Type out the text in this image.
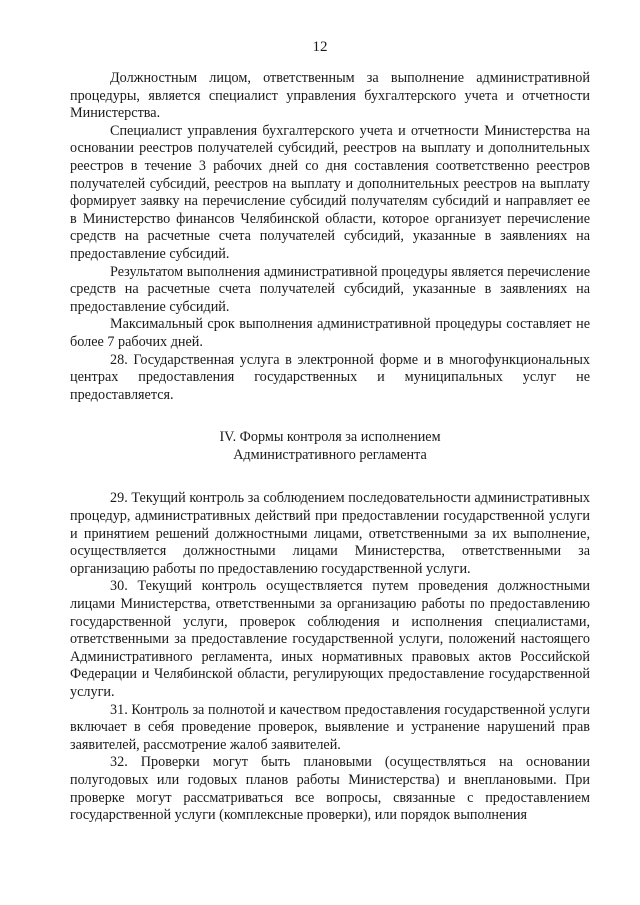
12

Должностным лицом, ответственным за выполнение административной процедуры, является специалист управления бухгалтерского учета и отчетности Министерства.

Специалист управления бухгалтерского учета и отчетности Министерства на основании реестров получателей субсидий, реестров на выплату и дополнительных реестров в течение 3 рабочих дней со дня составления соответственно реестров получателей субсидий, реестров на выплату и дополнительных реестров на выплату формирует заявку на перечисление субсидий получателям субсидий и направляет ее в Министерство финансов Челябинской области, которое организует перечисление средств на расчетные счета получателей субсидий, указанные в заявлениях на предоставление субсидий.

Результатом выполнения административной процедуры является перечисление средств на расчетные счета получателей субсидий, указанные в заявлениях на предоставление субсидий.

Максимальный срок выполнения административной процедуры составляет не более 7 рабочих дней.

28. Государственная услуга в электронной форме и в многофункциональных центрах предоставления государственных и муниципальных услуг не предоставляется.

IV. Формы контроля за исполнением
Административного регламента

29. Текущий контроль за соблюдением последовательности административных процедур, административных действий при предоставлении государственной услуги и принятием решений должностными лицами, ответственными за их выполнение, осуществляется должностными лицами Министерства, ответственными за организацию работы по предоставлению государственной услуги.

30. Текущий контроль осуществляется путем проведения должностными лицами Министерства, ответственными за организацию работы по предоставлению государственной услуги, проверок соблюдения и исполнения специалистами, ответственными за предоставление государственной услуги, положений настоящего Административного регламента, иных нормативных правовых актов Российской Федерации и Челябинской области, регулирующих предоставление государственной услуги.

31. Контроль за полнотой и качеством предоставления государственной услуги включает в себя проведение проверок, выявление и устранение нарушений прав заявителей, рассмотрение жалоб заявителей.

32. Проверки могут быть плановыми (осуществляться на основании полугодовых или годовых планов работы Министерства) и внеплановыми. При проверке могут рассматриваться все вопросы, связанные с предоставлением государственной услуги (комплексные проверки), или порядок выполнения
